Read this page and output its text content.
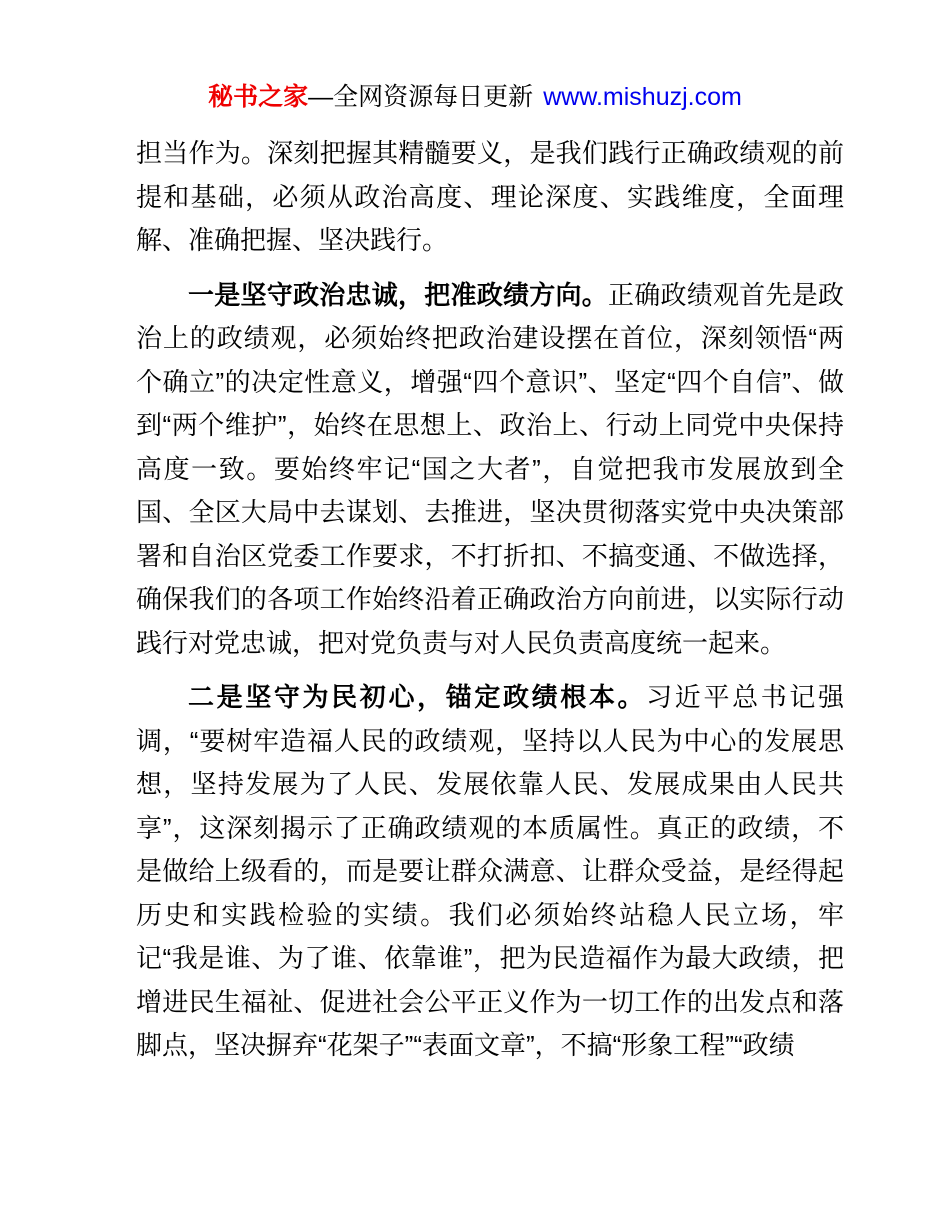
秘书之家—全网资源每日更新 www.mishuzj.com

担当作为。深刻把握其精髓要义，是我们践行正确政绩观的前提和基础，必须从政治高度、理论深度、实践维度，全面理解、准确把握、坚决践行。

一是坚守政治忠诚，把准政绩方向。正确政绩观首先是政治上的政绩观，必须始终把政治建设摆在首位，深刻领悟“两个确立”的决定性意义，增强“四个意识”、坚定“四个自信”、做到“两个维护”，始终在思想上、政治上、行动上同党中央保持高度一致。要始终牢记“国之大者”，自觉把我市发展放到全国、全区大局中去谋划、去推进，坚决贯彻落实党中央决策部署和自治区党委工作要求，不打折扣、不搞变通、不做选择，确保我们的各项工作始终沿着正确政治方向前进，以实际行动践行对党忠诚，把对党负责与对人民负责高度统一起来。

二是坚守为民初心，锚定政绩根本。习近平总书记强调，“要树牢造福人民的政绩观，坚持以人民为中心的发展思想，坚持发展为了人民、发展依靠人民、发展成果由人民共享”，这深刻揭示了正确政绩观的本质属性。真正的政绩，不是做给上级看的，而是要让群众满意、让群众受益，是经得起历史和实践检验的实绩。我们必须始终站稳人民立场，牢记“我是谁、为了谁、依靠谁”，把为民造福作为最大政绩，把增进民生福祉、促进社会公平正义作为一切工作的出发点和落脚点，坚决摒弃“花架子”“表面文章”，不搞“形象工程”“政绩
